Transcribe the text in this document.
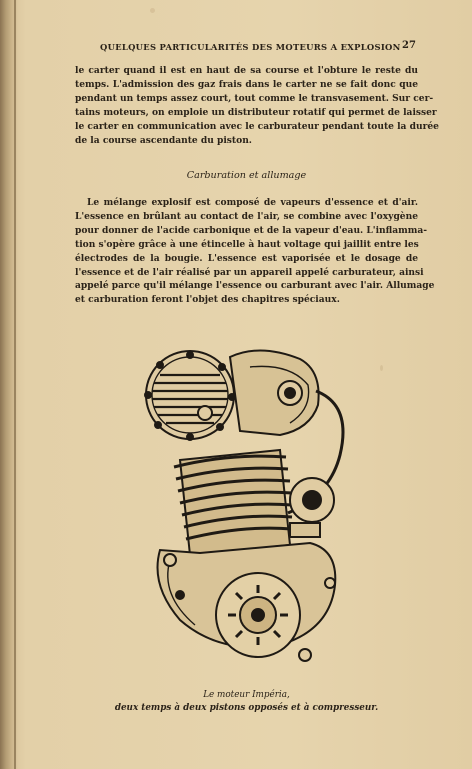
QUELQUES PARTICULARITÉS DES MOTEURS A EXPLOSION 27

le carter quand il est en haut de sa course et l'obture le reste du
temps. L'admission des gaz frais dans le carter ne se fait donc que
pendant un temps assez court, tout comme le transvasement. Sur cer-
tains moteurs, on emploie un distributeur rotatif qui permet de laisser
le carter en communication avec le carburateur pendant toute la durée
de la course ascendante du piston.

Carburation et allumage

Le mélange explosif est composé de vapeurs d'essence et d'air.
L'essence en brûlant au contact de l'air, se combine avec l'oxygène
pour donner de l'acide carbonique et de la vapeur d'eau. L'inflamma-
tion s'opère grâce à une étincelle à haut voltage qui jaillit entre les
électrodes de la bougie. L'essence est vaporisée et le dosage de
l'essence et de l'air réalisé par un appareil appelé carburateur, ainsi
appelé parce qu'il mélange l'essence ou carburant avec l'air. Allumage
et carburation feront l'objet des chapitres spéciaux.

Le moteur Impéria,
deux temps à deux pistons opposés et à compresseur.
